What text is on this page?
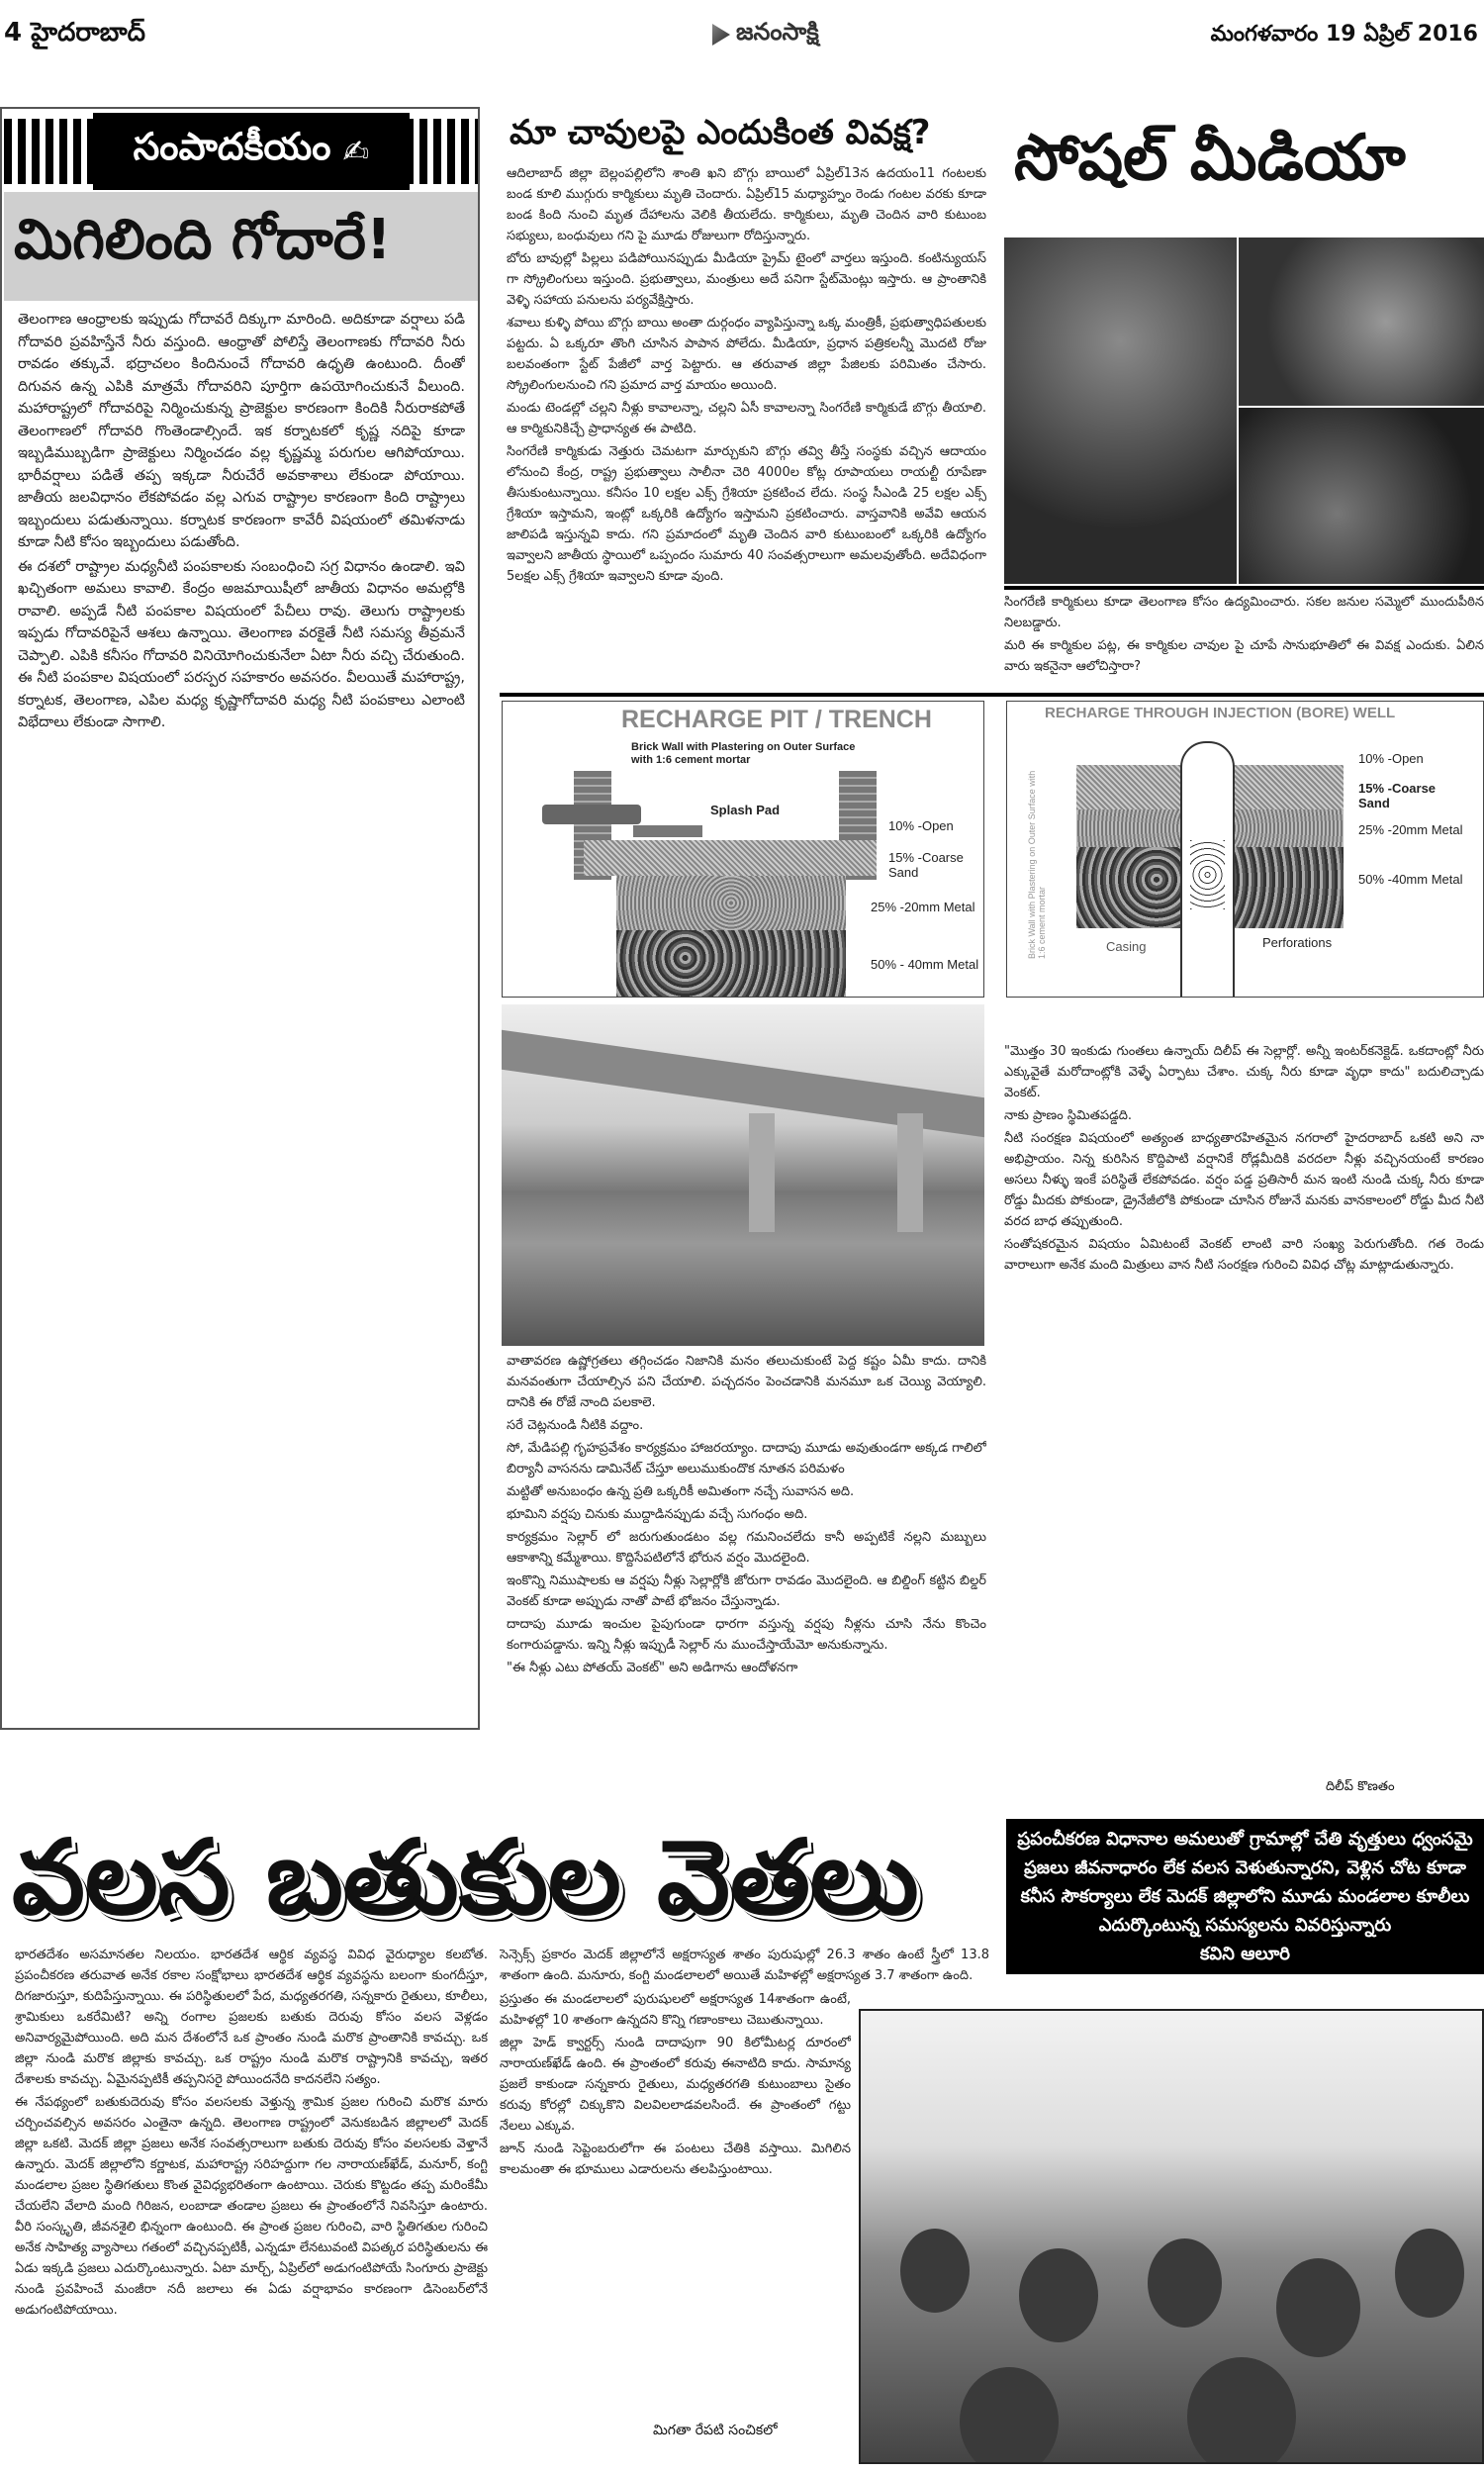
4 హైదరాబాద్	జనంసాక్షి	మంగళవారం 19 ఏప్రిల్ 2016
సంపాదకీయం ✍
మిగిలింది గోదారే!

తెలంగాణ ఆంధ్రాలకు ఇప్పుడు గోదావరే దిక్కుగా మారింది. అదికూడా వర్షాలు పడి గోదావరి ప్రవహిస్తేనే నీరు వస్తుంది. ఆంధ్రాతో పోలిస్తే తెలంగాణకు గోదావరి నీరు రావడం తక్కువే. భద్రాచలం కిందినుంచే గోదావరి ఉధృతి ఉంటుంది. దీంతో దిగువన ఉన్న ఎపికి మాత్రమే గోదావరిని పూర్తిగా ఉపయోగించుకునే వీలుంది. మహారాష్ట్రలో గోదావరిపై నిర్మించుకున్న ప్రాజెక్టుల కారణంగా కిందికి నీరురాకపోతే తెలంగాణలో గోదావరి గొంతెండాల్సిందే. ఇక కర్నాటకలో కృష్ణ నదిపై కూడా ఇబ్బడిముబ్బడిగా ప్రాజెక్టులు నిర్మించడం వల్ల కృష్ణమ్మ పరుగుల ఆగిపోయాయి. భారీవర్షాలు పడితే తప్ప ఇక్కడా నీరుచేరే అవకాశాలు లేకుండా పోయాయి. జాతీయ జలవిధానం లేకపోవడం వల్ల ఎగువ రాష్ట్రాల కారణంగా కింది రాష్ట్రాలు ఇబ్బందులు పడుతున్నాయి. కర్నాటక కారణంగా కావేరీ విషయంలో తమిళనాడు కూడా నీటి కోసం ఇబ్బందులు పడుతోంది.

ఈ దశలో రాష్ట్రాల మధ్యనీటి పంపకాలకు సంబంధించి సగ్ర విధానం ఉండాలి. ఇవి ఖచ్చితంగా అమలు కావాలి. కేంద్రం అజమాయిషీలో జాతీయ విధానం అమల్లోకి రావాలి. అప్పడే నీటి పంపకాల విషయంలో పేచీలు రావు. తెలుగు రాష్ట్రాలకు ఇప్పడు గోదావరిపైనే ఆశలు ఉన్నాయి. తెలంగాణ వరకైతే నీటి సమస్య తీవ్రమనే చెప్పాలి. ఎపికి కనీసం గోదావరి వినియోగించుకునేలా ఏటా నీరు వచ్చి చేరుతుంది. ఈ నీటి పంపకాల విషయంలో పరస్పర సహకారం అవసరం. వీలయితే మహారాష్ట్ర, కర్నాటక, తెలంగాణ, ఎపిల మధ్య కృష్ణాగోదావరి మధ్య నీటి పంపకాలు ఎలాంటి విభేదాలు లేకుండా సాగాలి.

మా చావులపై ఎందుకింత వివక్ష?

ఆదిలాబాద్ జిల్లా బెల్లంపల్లిలోని శాంతి ఖని బొగ్గు బాయిలో ఏప్రిల్13న ఉదయం11 గంటలకు బండ కూలి ముగ్గురు కార్మికులు మృతి చెందారు. ఏప్రిల్15 మధ్యాహ్నం రెండు గంటల వరకు కూడా బండ కింది నుంచి మృత దేహాలను వెలికి తీయలేదు. కార్మికులు, మృతి చెందిన వారి కుటుంబ సభ్యులు, బంధువులు గని పై మూడు రోజులుగా రోదిస్తున్నారు.

బోరు బావుల్లో పిల్లలు పడిపోయినప్పుడు మీడియా ప్రైమ్ టైంలో వార్తలు ఇస్తుంది. కంటిన్యుయస్ గా స్క్రోలింగులు ఇస్తుంది. ప్రభుత్వాలు, మంత్రులు అదే పనిగా స్టేట్‌మెంట్లు ఇస్తారు. ఆ ప్రాంతానికి వెళ్ళి సహాయ పనులను పర్యవేక్షిస్తారు.

శవాలు కుళ్ళి పోయి బొగ్గు బాయి అంతా దుర్గంధం వ్యాపిస్తున్నా ఒక్క మంత్రికీ, ప్రభుత్వాధిపతులకు పట్టదు. ఏ ఒక్కరూ తొంగి చూసిన పాపాన పోలేదు. మీడియా, ప్రధాన పత్రికలన్నీ మొదటి రోజు బలవంతంగా స్టేట్ పేజీలో వార్త పెట్టారు. ఆ తరువాత జిల్లా పేజిలకు పరిమితం చేసారు. స్క్రోలింగులనుంచి గని ప్రమాద వార్త మాయం అయింది.

మండు టెండల్లో చల్లని నీళ్లు కావాలన్నా, చల్లని ఏసీ కావాలన్నా సింగరేణి కార్మికుడే బొగ్గు తీయాలి. ఆ కార్మికునికిచ్చే ప్రాధాన్యత ఈ పాటిది.

సింగరేణి కార్మికుడు నెత్తురు చెమటగా మార్చుకుని బొగ్గు తవ్వి తీస్తే సంస్థకు వచ్చిన ఆదాయం లోనుంచి కేంద్ర, రాష్ట్ర ప్రభుత్వాలు సాలీనా చెరి 4000ల కోట్ల రూపాయలు రాయల్టీ రూపేణా తీసుకుంటున్నాయి. కనీసం 10 లక్షల ఎక్స్ గ్రేశియా ప్రకటించ లేదు. సంస్థ సీఎండి 25 లక్షల ఎక్స్ గ్రేశియా ఇస్తామని, ఇంట్లో ఒక్కరికి ఉద్యోగం ఇస్తామని ప్రకటించారు. వాస్తవానికి అవేవి ఆయన జాలిపడి ఇస్తున్నవి కాదు. గని ప్రమాదంలో మృతి చెందిన వారి కుటుంబంలో ఒక్కరికి ఉద్యోగం ఇవ్వాలని జాతీయ స్థాయిలో ఒప్పందం సుమారు 40 సంవత్సరాలుగా అమలవుతోంది. అదేవిధంగా 5లక్షల ఎక్స్ గ్రేశియా ఇవ్వాలని కూడా వుంది.

సోషల్ మీడియా

సింగరేణి కార్మికులు కూడా తెలంగాణ కోసం ఉద్యమించారు. సకల జనుల సమ్మెలో ముందుపీఠిన నిలబడ్డారు.

మరి ఈ కార్మికుల పట్ల, ఈ కార్మికుల చావుల పై చూపే సానుభూతిలో ఈ వివక్ష ఎందుకు. ఏలిన వారు ఇకనైనా ఆలోచిస్తారా?

RECHARGE PIT / TRENCH
Brick Wall with Plastering on Outer Surface with 1:6 cement mortar
Splash Pad
10% -Open
15% -Coarse Sand
25% -20mm Metal
50% - 40mm Metal
RECHARGE THROUGH INJECTION (BORE) WELL
Brick Wall with Plastering on Outer Surface with 1:6 cement mortar
10% -Open
15% -Coarse Sand
25% -20mm Metal
50% -40mm Metal
Casing	Perforations

"మొత్తం 30 ఇంకుడు గుంతలు ఉన్నాయ్ దిలీప్ ఈ సెల్లార్లో. అన్నీ ఇంటర్‌కనెక్టెడ్. ఒకదాంట్లో నీరు ఎక్కువైతే మరోదాంట్లోకి వెళ్ళే ఏర్పాటు చేశాం. చుక్క నీరు కూడా వృధా కాదు" బదులిచ్చాడు వెంకట్.

నాకు ప్రాణం స్థిమితపడ్డది.

నీటి సంరక్షణ విషయంలో అత్యంత బాధ్యతారహితమైన నగరాలో హైదరాబాద్ ఒకటి అని నా అభిప్రాయం. నిన్న కురిసిన కొద్దిపాటి వర్షానికే రోడ్లమీదికి వరదలా నీళ్లు వచ్చినయంటే కారణం అసలు నీళ్ళు ఇంకే పరిస్థితే లేకపోవడం. వర్షం పడ్డ ప్రతిసారీ మన ఇంటి నుండి చుక్క నీరు కూడా రోడ్డు మీదకు పోకుండా, డ్రైనేజీలోకి పోకుండా చూసిన రోజునే మనకు వానకాలంలో రోడ్డు మీద నీటి వరద బాధ తప్పుతుంది.

సంతోషకరమైన విషయం ఏమిటంటే వెంకట్ లాంటి వారి సంఖ్య పెరుగుతోంది. గత రెండు వారాలుగా అనేక మంది మిత్రులు వాన నీటి సంరక్షణ గురించి వివిధ చోట్ల మాట్లాడుతున్నారు.

దిలీప్ కొణతం

వాతావరణ ఉష్ణోగ్రతలు తగ్గించడం నిజానికి మనం తలుచుకుంటే పెద్ద కష్టం ఏమీ కాదు. దానికి మనవంతుగా చేయాల్సిన పని చేయాలి. పచ్చదనం పెంచడానికి మనమూ ఒక చెయ్యి వెయ్యాలి. దానికి ఈ రోజే నాంది పలకాలె.

సరే చెట్లనుండి నీటికి వద్దాం.

సో, మేడిపల్లి గృహప్రవేశం కార్యక్రమం హాజరయ్యాం. దాదాపు మూడు అవుతుండగా అక్కడ గాలిలో బిర్యానీ వాసనను డామినేట్ చేస్తూ అలుముకుందొక నూతన పరిమళం

మట్టితో అనుబంధం ఉన్న ప్రతి ఒక్కరికీ అమితంగా నచ్చే సువాసన అది.

భూమిని వర్షపు చినుకు ముద్దాడినప్పుడు వచ్చే సుగంధం అది.

కార్యక్రమం సెల్లార్ లో జరుగుతుండటం వల్ల గమనించలేదు కానీ అప్పటికే నల్లని మబ్బులు ఆకాశాన్ని కమ్మేశాయి. కొద్దిసేపటిలోనే భోరున వర్షం మొదలైంది.

ఇంకొన్ని నిముషాలకు ఆ వర్షపు నీళ్లు సెల్లార్లోకి జోరుగా రావడం మొదలైంది. ఆ బిల్డింగ్ కట్టిన బిల్డర్ వెంకట్ కూడా అప్పుడు నాతో పాటే భోజనం చేస్తున్నాడు.

దాదాపు మూడు ఇంచుల పైపుగుండా ధారగా వస్తున్న వర్షపు నీళ్లను చూసి నేను కొంచెం కంగారుపడ్డాను. ఇన్ని నీళ్లు ఇప్పుడీ సెల్లార్ ను ముంచేస్తాయేమో అనుకున్నాను.

"ఈ నీళ్లు ఎటు పోతయ్ వెంకట్" అని అడిగాను ఆందోళనగా

వలస బతుకుల వెతలు	ప్రపంచీకరణ విధానాల అమలుతో గ్రామాల్లో చేతి వృత్తులు ధ్వంసమై ప్రజలు జీవనాధారం లేక వలస వెళుతున్నారని, వెళ్లిన చోట కూడా కనీస సౌకర్యాలు లేక మెదక్ జిల్లాలోని మూడు మండలాల కూలీలు ఎదుర్కొంటున్న సమస్యలను వివరిస్తున్నారు
కవిని ఆలూరి

భారతదేశం అసమానతల నిలయం. భారతదేశ ఆర్థిక వ్యవస్థ వివిధ వైరుధ్యాల కలబోత. ప్రపంచీకరణ తరువాత అనేక రకాల సంక్షోభాలు భారతదేశ ఆర్థిక వ్యవస్థను బలంగా కుంగదీస్తూ, దిగజారుస్తూ, కుదిపేస్తున్నాయి. ఈ పరిస్థితులలో పేద, మధ్యతరగతి, సన్నకారు రైతులు, కూలీలు, శ్రామికులు ఒకరేమిటి? అన్ని రంగాల ప్రజలకు బతుకు దెరువు కోసం వలస వెళ్లడం అనివార్యమైపోయింది. అది మన దేశంలోనే ఒక ప్రాంతం నుండి మరొక ప్రాంతానికి కావచ్చు. ఒక జిల్లా నుండి మరొక జిల్లాకు కావచ్చు. ఒక రాష్ట్రం నుండి మరొక రాష్ట్రానికి కావచ్చు, ఇతర దేశాలకు కావచ్చు. ఏమైనప్పటికీ తప్పనిసరై పోయిందనేది కాదనలేని సత్యం.

ఈ నేపథ్యంలో బతుకుదెరువు కోసం వలసలకు వెళ్తున్న శ్రామిక ప్రజల గురించి మరొక మారు చర్చించవల్సిన అవసరం ఎంతైనా ఉన్నది. తెలంగాణ రాష్ట్రంలో వెనుకబడిన జిల్లాలలో మెదక్ జిల్లా ఒకటి. మెదక్ జిల్లా ప్రజలు అనేక సంవత్సరాలుగా బతుకు దెరువు కోసం వలసలకు వెళ్తానే ఉన్నారు. మెదక్ జిల్లాలోని కర్ణాటక, మహారాష్ట్ర సరిహద్దుగా గల నారాయణ్‌ఖేడ్, మనూర్, కంగ్టి మండలాల ప్రజల స్థితిగతులు కొంత వైవిధ్యభరితంగా ఉంటాయి. చెరుకు కొట్టడం తప్ప మరింకేమీ చేయలేని వేలాది మంది గిరిజన, లంబాడా తండాల ప్రజలు ఈ ప్రాంతంలోనే నివసిస్తూ ఉంటారు. వీరి సంస్కృతి, జీవనశైలి భిన్నంగా ఉంటుంది. ఈ ప్రాంత ప్రజల గురించి, వారి స్థితిగతుల గురించి అనేక సాహిత్య వ్యాసాలు గతంలో వచ్చినప్పటికీ, ఎన్నడూ లేనటువంటి విపత్కర పరిస్థితులను ఈ ఏడు ఇక్కడి ప్రజలు ఎదుర్కొంటున్నారు. ఏటా మార్చ్, ఏప్రిల్‌లో అడుగంటిపోయే సింగూరు ప్రాజెక్టు నుండి ప్రవహించే మంజీరా నదీ జలాలు ఈ ఏడు వర్షాభావం కారణంగా డిసెంబర్‌లోనే అడుగంటిపోయాయి.

సెన్సెక్స్ ప్రకారం మెదక్ జిల్లాలోనే అక్షరాస్యత శాతం పురుషుల్లో 26.3 శాతం ఉంటే స్త్రీలో 13.8 శాతంగా ఉంది. మనూరు, కంగ్టి మండలాలలో అయితే మహిళల్లో అక్షరాస్యత 3.7 శాతంగా ఉంది.

ప్రస్తుతం ఈ మండలాలలో పురుషులలో అక్షరాస్యత 14శాతంగా ఉంటే, మహిళల్లో 10 శాతంగా ఉన్నదని కొన్ని గణాంకాలు చెబుతున్నాయి.

జిల్లా హెడ్ క్వార్టర్స్ నుండి దాదాపుగా 90 కిలోమీటర్ల దూరంలో నారాయణ్‌ఖేడ్ ఉంది. ఈ ప్రాంతంలో కరువు ఈనాటిది కాదు. సామాన్య ప్రజలే కాకుండా సన్నకారు రైతులు, మధ్యతరగతి కుటుంబాలు సైతం కరువు కోరల్లో చిక్కుకొని విలవిలలాడవలసిందే. ఈ ప్రాంతంలో గట్టు నేలలు ఎక్కువ.

జూన్ నుండి సెప్టెంబరులోగా ఈ పంటలు చేతికి వస్తాయి. మిగిలిన కాలమంతా ఈ భూములు ఎడారులను తలపిస్తుంటాయి.

మిగతా రేపటి సంచికలో
